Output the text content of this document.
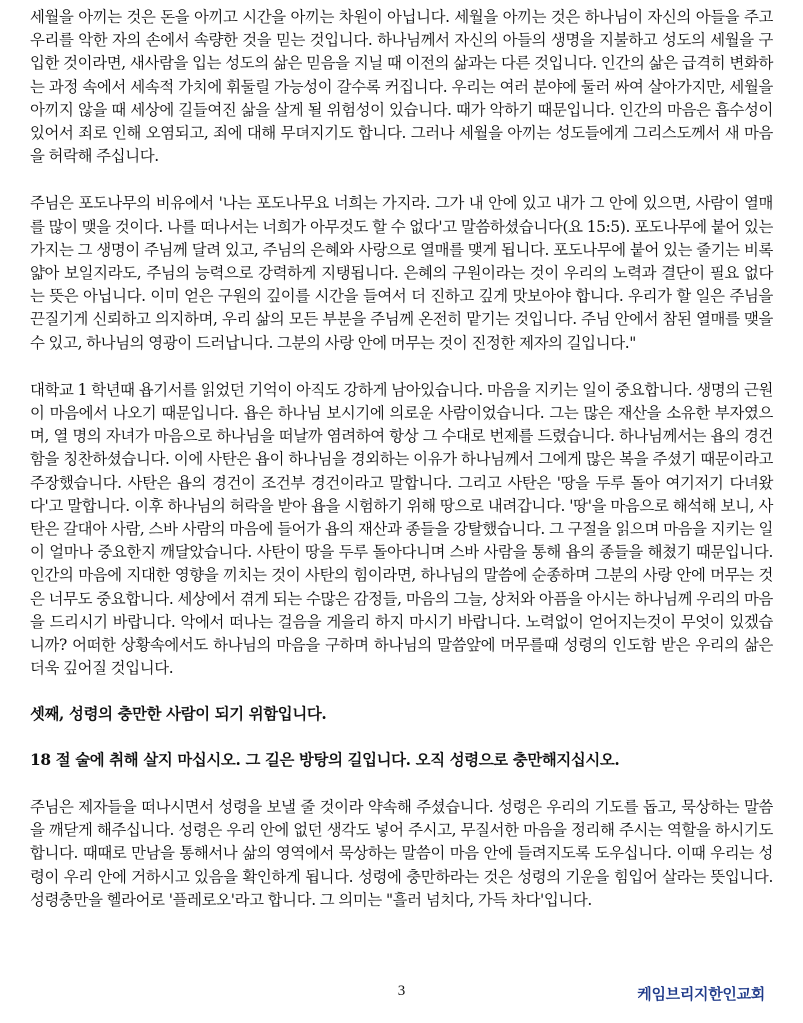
세월을 아끼는 것은 돈을 아끼고 시간을 아끼는 차원이 아닙니다. 세월을 아끼는 것은 하나님이 자신의 아들을 주고 우리를 악한 자의 손에서 속량한 것을 믿는 것입니다. 하나님께서 자신의 아들의 생명을 지불하고 성도의 세월을 구입한 것이라면, 새사람을 입는 성도의 삶은 믿음을 지닐 때 이전의 삶과는 다른 것입니다. 인간의 삶은 급격히 변화하는 과정 속에서 세속적 가치에 휘둘릴 가능성이 갈수록 커집니다. 우리는 여러 분야에 둘러 싸여 살아가지만, 세월을 아끼지 않을 때 세상에 길들여진 삶을 살게 될 위험성이 있습니다. 때가 악하기 때문입니다. 인간의 마음은 흡수성이 있어서 죄로 인해 오염되고, 죄에 대해 무뎌지기도 합니다. 그러나 세월을 아끼는 성도들에게 그리스도께서 새 마음을 허락해 주십니다.

주님은 포도나무의 비유에서 '나는 포도나무요 너희는 가지라. 그가 내 안에 있고 내가 그 안에 있으면, 사람이 열매를 많이 맺을 것이다. 나를 떠나서는 너희가 아무것도 할 수 없다'고 말씀하셨습니다(요 15:5). 포도나무에 붙어 있는 가지는 그 생명이 주님께 달려 있고, 주님의 은혜와 사랑으로 열매를 맺게 됩니다. 포도나무에 붙어 있는 줄기는 비록 얇아 보일지라도, 주님의 능력으로 강력하게 지탱됩니다. 은혜의 구원이라는 것이 우리의 노력과 결단이 필요 없다는 뜻은 아닙니다. 이미 얻은 구원의 깊이를 시간을 들여서 더 진하고 깊게 맛보아야 합니다. 우리가 할 일은 주님을 끈질기게 신뢰하고 의지하며, 우리 삶의 모든 부분을 주님께 온전히 맡기는 것입니다. 주님 안에서 참된 열매를 맺을 수 있고, 하나님의 영광이 드러납니다. 그분의 사랑 안에 머무는 것이 진정한 제자의 길입니다."

대학교 1 학년때 욥기서를 읽었던 기억이 아직도 강하게 남아있습니다. 마음을 지키는 일이 중요합니다. 생명의 근원이 마음에서 나오기 때문입니다. 욥은 하나님 보시기에 의로운 사람이었습니다. 그는 많은 재산을 소유한 부자였으며, 열 명의 자녀가 마음으로 하나님을 떠날까 염려하여 항상 그 수대로 번제를 드렸습니다. 하나님께서는 욥의 경건함을 칭찬하셨습니다. 이에 사탄은 욥이 하나님을 경외하는 이유가 하나님께서 그에게 많은 복을 주셨기 때문이라고 주장했습니다. 사탄은 욥의 경건이 조건부 경건이라고 말합니다. 그리고 사탄은 '땅을 두루 돌아 여기저기 다녀왔다'고 말합니다. 이후 하나님의 허락을 받아 욥을 시험하기 위해 땅으로 내려갑니다. '땅'을 마음으로 해석해 보니, 사탄은 갈대아 사람, 스바 사람의 마음에 들어가 욥의 재산과 종들을 강탈했습니다. 그 구절을 읽으며 마음을 지키는 일이 얼마나 중요한지 깨달았습니다. 사탄이 땅을 두루 돌아다니며 스바 사람을 통해 욥의 종들을 해쳤기 때문입니다. 인간의 마음에 지대한 영향을 끼치는 것이 사탄의 힘이라면, 하나님의 말씀에 순종하며 그분의 사랑 안에 머무는 것은 너무도 중요합니다. 세상에서 겪게 되는 수많은 감정들, 마음의 그늘, 상처와 아픔을 아시는 하나님께 우리의 마음을 드리시기 바랍니다. 악에서 떠나는 걸음을 게을리 하지 마시기 바랍니다. 노력없이 얻어지는것이 무엇이 있겠습니까? 어떠한 상황속에서도 하나님의 마음을 구하며 하나님의 말씀앞에 머무를때 성령의 인도함 받은 우리의 삶은 더욱 깊어질 것입니다.

셋째, 성령의 충만한 사람이 되기 위함입니다.

18 절 술에 취해 살지 마십시오. 그 길은 방탕의 길입니다. 오직 성령으로 충만해지십시오.

주님은 제자들을 떠나시면서 성령을 보낼 줄 것이라 약속해 주셨습니다. 성령은 우리의 기도를 돕고, 묵상하는 말씀을 깨닫게 해주십니다. 성령은 우리 안에 없던 생각도 넣어 주시고, 무질서한 마음을 정리해 주시는 역할을 하시기도 합니다. 때때로 만남을 통해서나 삶의 영역에서 묵상하는 말씀이 마음 안에 들려지도록 도우십니다. 이때 우리는 성령이 우리 안에 거하시고 있음을 확인하게 됩니다. 성령에 충만하라는 것은 성령의 기운을 힘입어 살라는 뜻입니다. 성령충만을 헬라어로 '플레로오'라고 합니다. 그 의미는 "흘러 넘치다, 가득 차다'입니다.

3	케임브리지한인교회
